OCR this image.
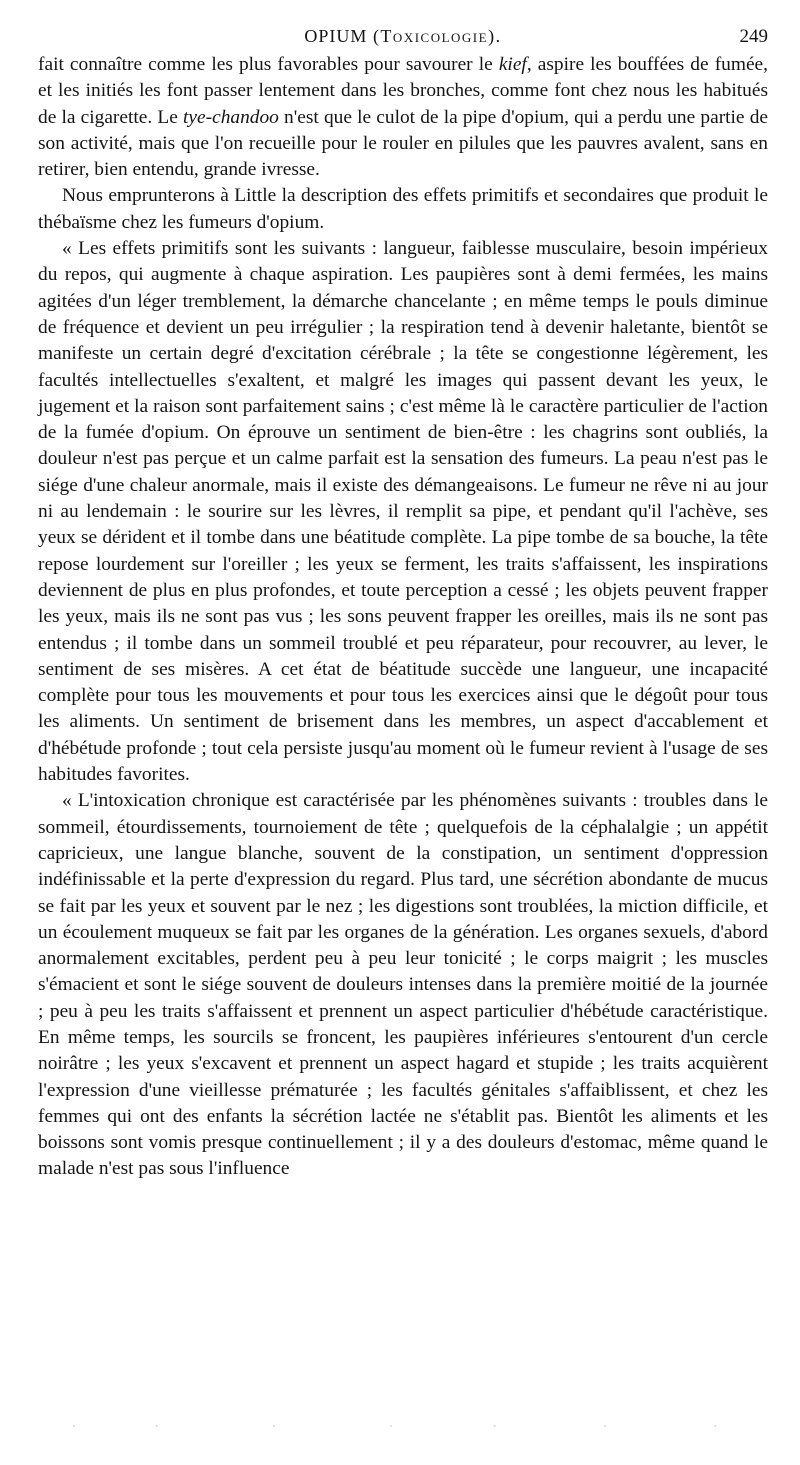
OPIUM (Toxicologie).	249

fait connaître comme les plus favorables pour savourer le kief, aspire les bouffées de fumée, et les initiés les font passer lentement dans les bronches, comme font chez nous les habitués de la cigarette. Le tye-chandoo n'est que le culot de la pipe d'opium, qui a perdu une partie de son activité, mais que l'on recueille pour le rouler en pilules que les pauvres avalent, sans en retirer, bien entendu, grande ivresse.

Nous emprunterons à Little la description des effets primitifs et secondaires que produit le thébaïsme chez les fumeurs d'opium.

« Les effets primitifs sont les suivants : langueur, faiblesse musculaire, besoin impérieux du repos, qui augmente à chaque aspiration. Les paupières sont à demi fermées, les mains agitées d'un léger tremblement, la démarche chancelante ; en même temps le pouls diminue de fréquence et devient un peu irrégulier ; la respiration tend à devenir haletante, bientôt se manifeste un certain degré d'excitation cérébrale ; la tête se congestionne légèrement, les facultés intellectuelles s'exaltent, et malgré les images qui passent devant les yeux, le jugement et la raison sont parfaitement sains ; c'est même là le caractère particulier de l'action de la fumée d'opium. On éprouve un sentiment de bien-être : les chagrins sont oubliés, la douleur n'est pas perçue et un calme parfait est la sensation des fumeurs. La peau n'est pas le siége d'une chaleur anormale, mais il existe des démangeaisons. Le fumeur ne rêve ni au jour ni au lendemain : le sourire sur les lèvres, il remplit sa pipe, et pendant qu'il l'achève, ses yeux se dérident et il tombe dans une béatitude complète. La pipe tombe de sa bouche, la tête repose lourdement sur l'oreiller ; les yeux se ferment, les traits s'affaissent, les inspirations deviennent de plus en plus profondes, et toute perception a cessé ; les objets peuvent frapper les yeux, mais ils ne sont pas vus ; les sons peuvent frapper les oreilles, mais ils ne sont pas entendus ; il tombe dans un sommeil troublé et peu réparateur, pour recouvrer, au lever, le sentiment de ses misères. A cet état de béatitude succède une langueur, une incapacité complète pour tous les mouvements et pour tous les exercices ainsi que le dégoût pour tous les aliments. Un sentiment de brisement dans les membres, un aspect d'accablement et d'hébétude profonde ; tout cela persiste jusqu'au moment où le fumeur revient à l'usage de ses habitudes favorites.

« L'intoxication chronique est caractérisée par les phénomènes suivants : troubles dans le sommeil, étourdissements, tournoiement de tête ; quelquefois de la céphalalgie ; un appétit capricieux, une langue blanche, souvent de la constipation, un sentiment d'oppression indéfinissable et la perte d'expression du regard. Plus tard, une sécrétion abondante de mucus se fait par les yeux et souvent par le nez ; les digestions sont troublées, la miction difficile, et un écoulement muqueux se fait par les organes de la génération. Les organes sexuels, d'abord anormalement excitables, perdent peu à peu leur tonicité ; le corps maigrit ; les muscles s'émacient et sont le siége souvent de douleurs intenses dans la première moitié de la journée ; peu à peu les traits s'affaissent et prennent un aspect particulier d'hébétude caractéristique. En même temps, les sourcils se froncent, les paupières inférieures s'entourent d'un cercle noirâtre ; les yeux s'excavent et prennent un aspect hagard et stupide ; les traits acquièrent l'expression d'une vieillesse prématurée ; les facultés génitales s'affaiblissent, et chez les femmes qui ont des enfants la sécrétion lactée ne s'établit pas. Bientôt les aliments et les boissons sont vomis presque continuellement ; il y a des douleurs d'estomac, même quand le malade n'est pas sous l'influence
